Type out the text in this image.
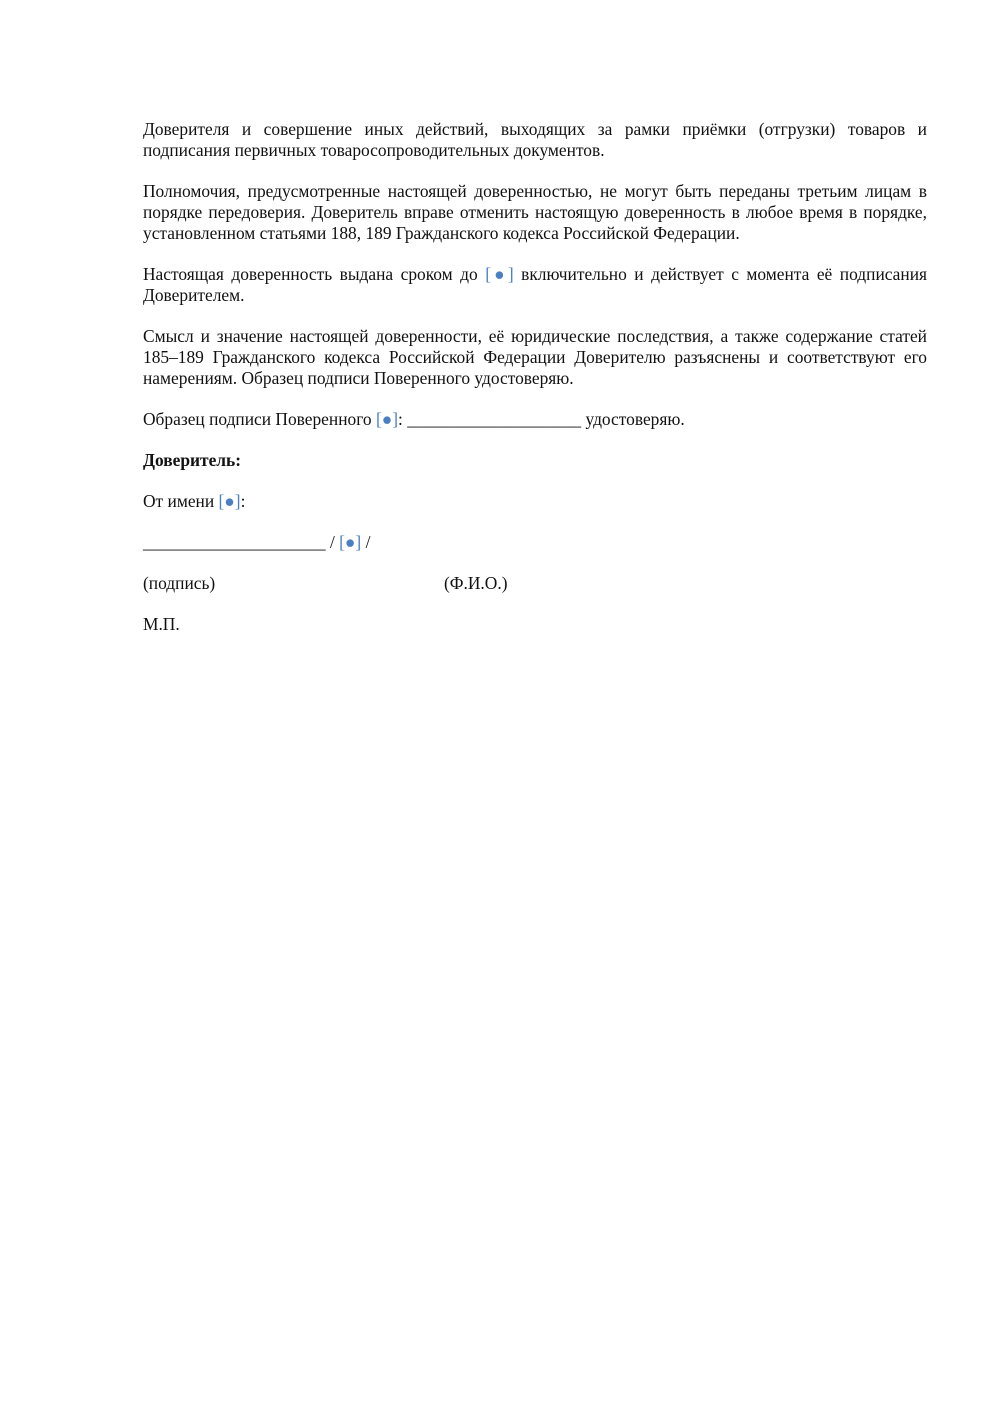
Доверителя и совершение иных действий, выходящих за рамки приёмки (отгрузки) товаров и подписания первичных товаросопроводительных документов.

Полномочия, предусмотренные настоящей доверенностью, не могут быть переданы третьим лицам в порядке передоверия. Доверитель вправе отменить настоящую доверенность в любое время в порядке, установленном статьями 188, 189 Гражданского кодекса Российской Федерации.

Настоящая доверенность выдана сроком до [●] включительно и действует с момента её подписания Доверителем.

Смысл и значение настоящей доверенности, её юридические последствия, а также содержание статей 185–189 Гражданского кодекса Российской Федерации Доверителю разъяснены и соответствуют его намерениям. Образец подписи Поверенного удостоверяю.

Образец подписи Поверенного [●]: ____________________ удостоверяю.

Доверитель:

От имени [●]:

_____________________ / [●] /

(подпись)	(Ф.И.О.)

М.П.
